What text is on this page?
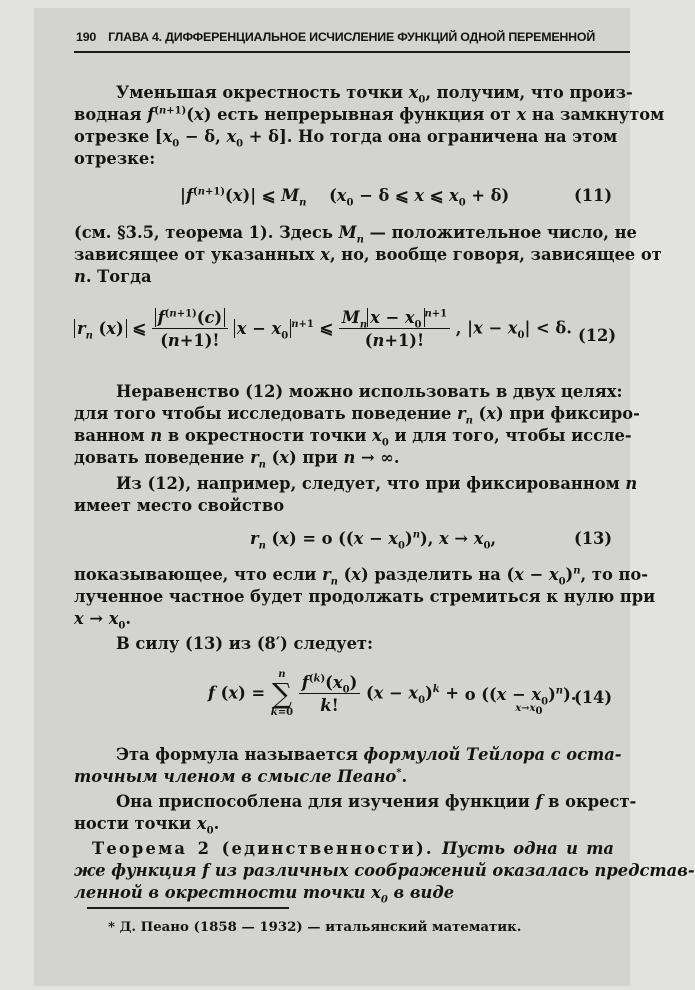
190 ГЛАВА 4. ДИФФЕРЕНЦИАЛЬНОЕ ИСЧИСЛЕНИЕ ФУНКЦИЙ ОДНОЙ ПЕРЕМЕННОЙ
Уменьшая окрестность точки $x_0$, получим, что произ-
водная $f^{(n+1)}(x)$ есть непрерывная функция от x на замкнутом
отрезке [$x_0 - \delta$, $x_0 + \delta$]. Но тогда она ограничена на этом
отрезке:
$|f^{(n+1)}(x)|$ ⩽ $M_n$    ($x_0 - \delta$ ⩽ x ⩽ $x_0 + \delta$)	(11)
(см. §3.5, теорема 1). Здесь $M_n$ — положительное число, не
зависящее от указанных x, но, вообще говоря, зависящее от
n. Тогда
$r_n$ (x) ⩽ $\frac{f^{(n+1)}(c)}{(n+1)!}$ $x - x_0^{n+1}$ ⩽ $\frac{M_n x - x_0^{n+1}}{(n+1)!}$ , $|x - x_0| < \delta$. (12)
Неравенство (12) можно использовать в двух целях:
для того чтобы исследовать поведение $r_n$ (x) при фиксиро-
ванном n в окрестности точки $x_0$ и для того, чтобы иссле-
довать поведение $r_n$ (x) при n → ∞.
Из (12), например, следует, что при фиксированном n
имеет место свойство
$r_n$ (x) = o $((x - x_0)^n)$, $x \to x_0$,	(13)
показывающее, что если $r_n$ (x) разделить на $(x - x_0)^n$, то по-
лученное частное будет продолжать стремиться к нулю при
$x \to x_0$.
В силу (13) из (8′) следует:
f (x) =
n
∑
k=0
$\frac{f^{(k)}(x_0)}{k!} (x - x_0)^k$ +
o

$((x - x_0)^n)$.
$x\to x_0$
(14)
Эта формула называется формулой Тейлора с оста-
точным членом в смысле Пеано*.
Она приспособлена для изучения функции f в окрест-
ности точки $x_0$.
Теорема 2 (единственности). Пусть одна и та
же функция f из различных соображений оказалась представ-
ленной в окрестности точки $x_0$ в виде
* Д. Пеано (1858 — 1932) — итальянский математик.
